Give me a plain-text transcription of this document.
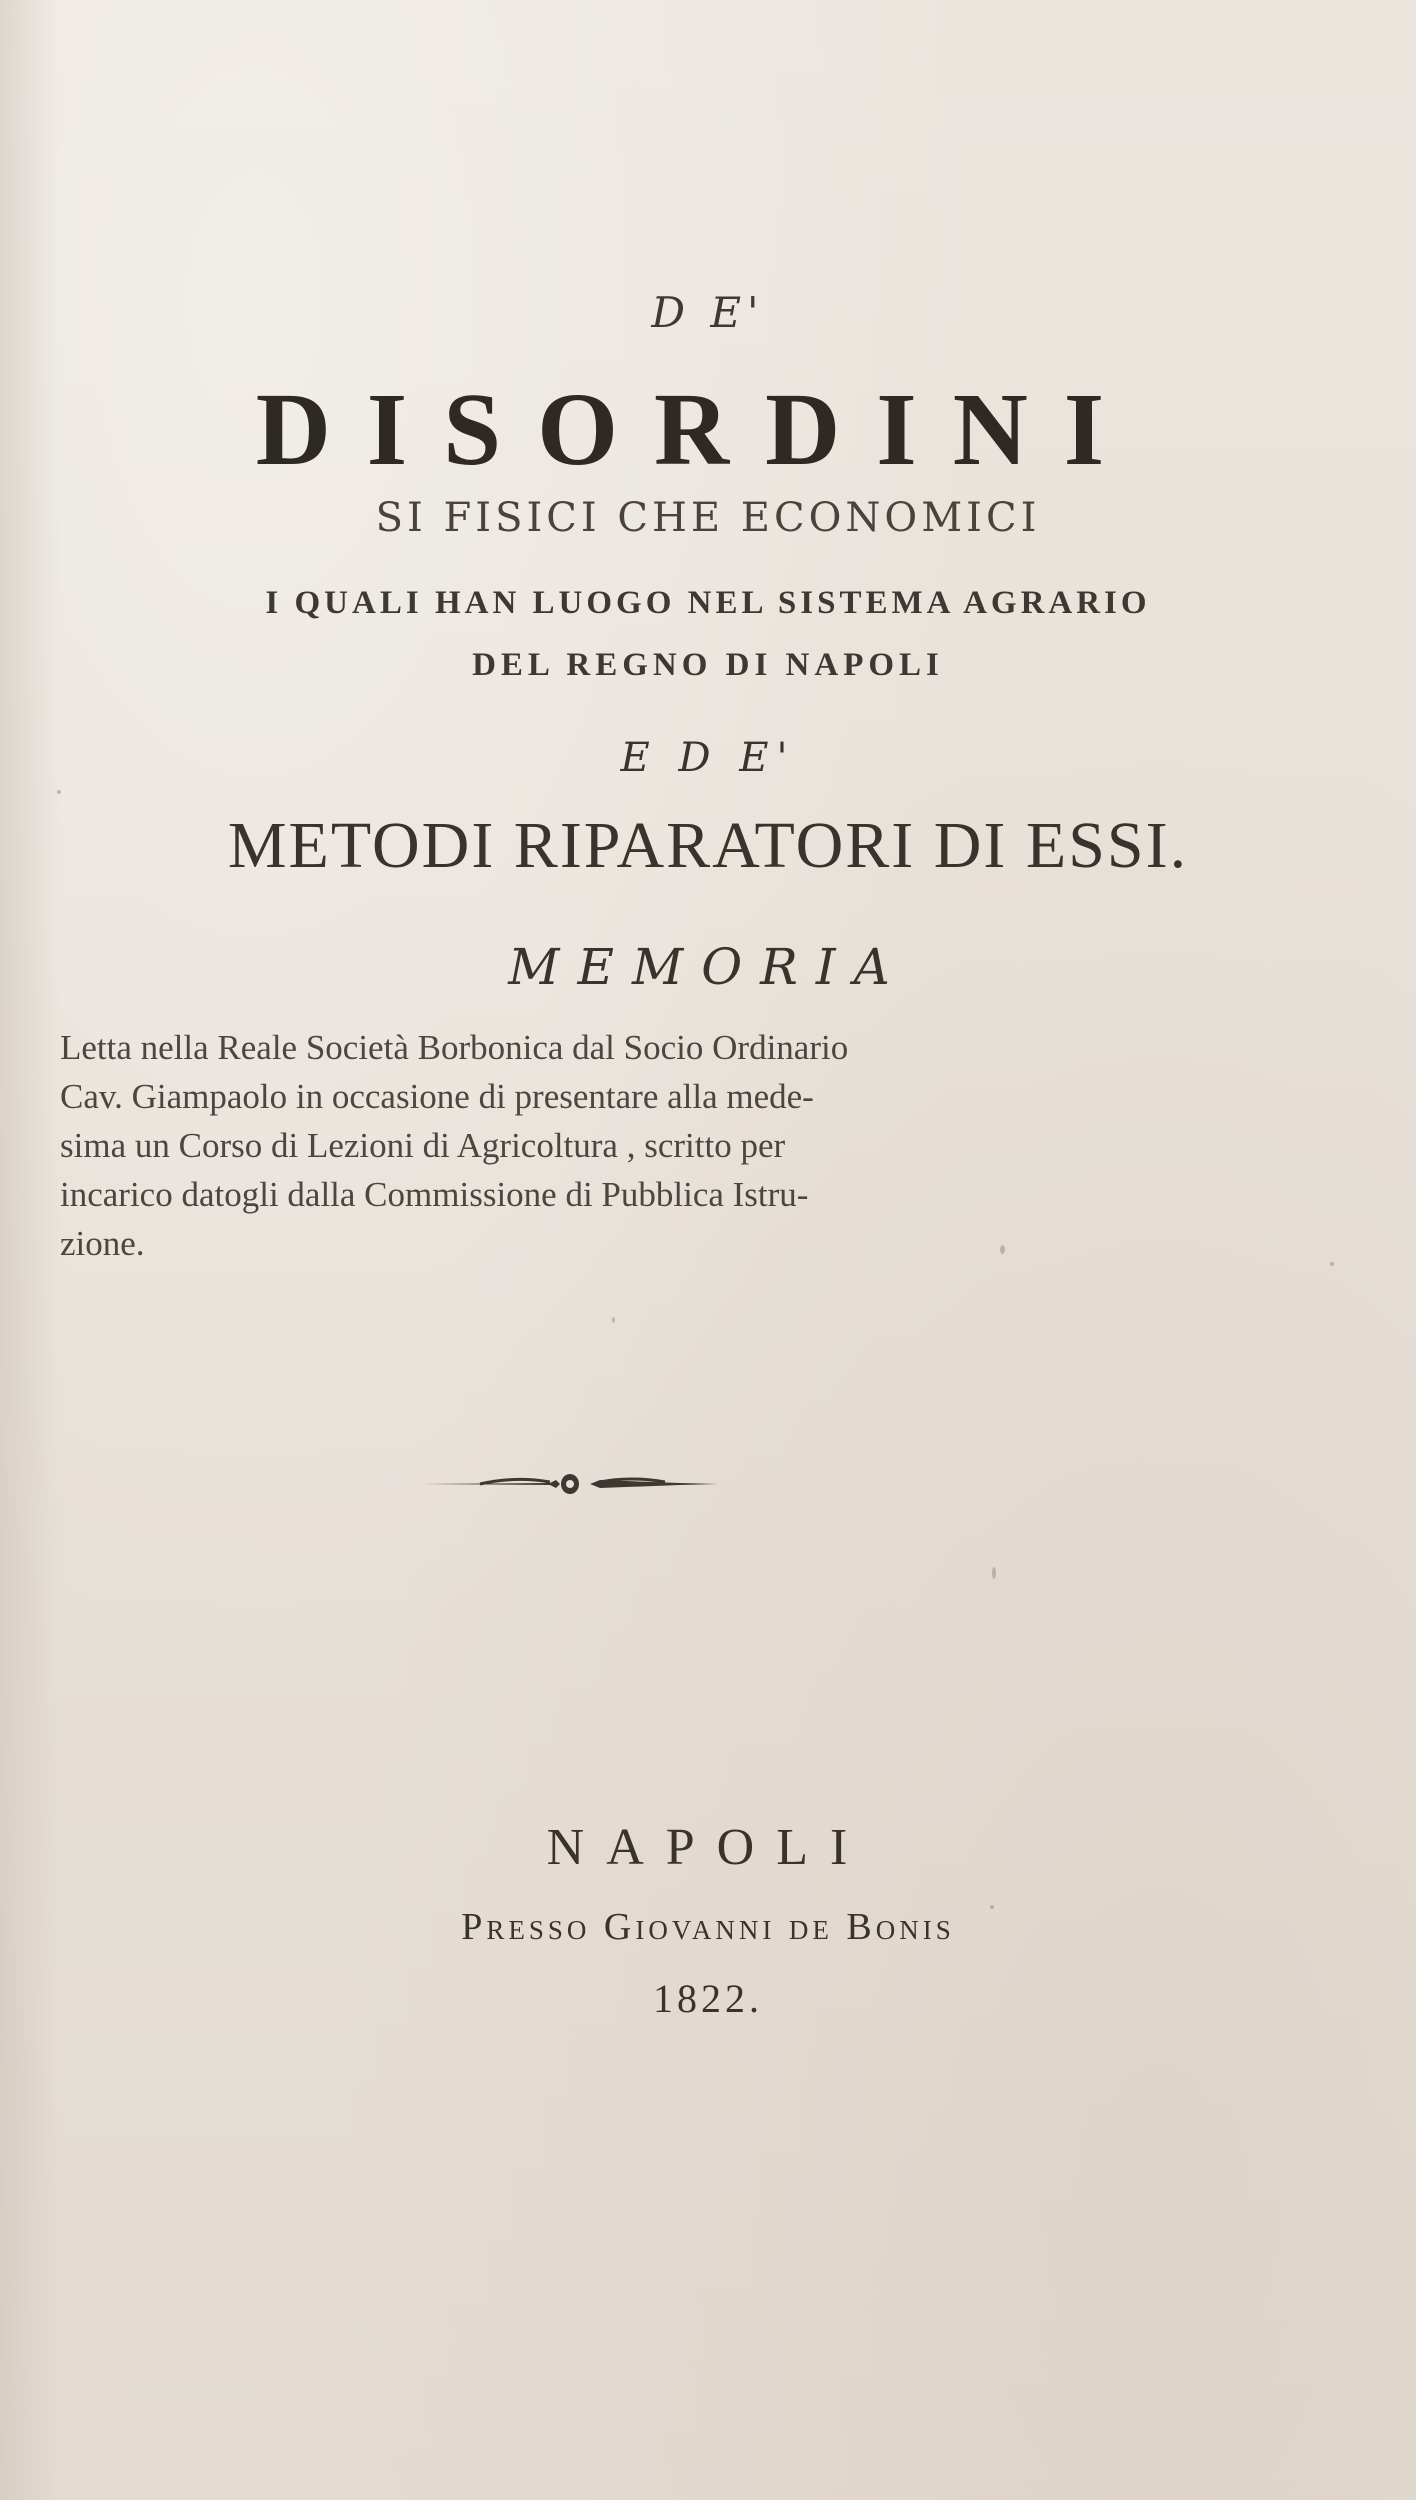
D E'
DISORDINI
SI FISICI CHE ECONOMICI
I QUALI HAN LUOGO NEL SISTEMA AGRARIO
DEL REGNO DI NAPOLI
E D E'
METODI RIPARATORI DI ESSI.
MEMORIA
Letta nella Reale Società Borbonica dal Socio Ordinario
Cav. Giampaolo in occasione di presentare alla mede-
sima un Corso di Lezioni di Agricoltura , scritto per
incarico datogli dalla Commissione di Pubblica Istru-
zione.
NAPOLI
Presso Giovanni de Bonis
1822.
